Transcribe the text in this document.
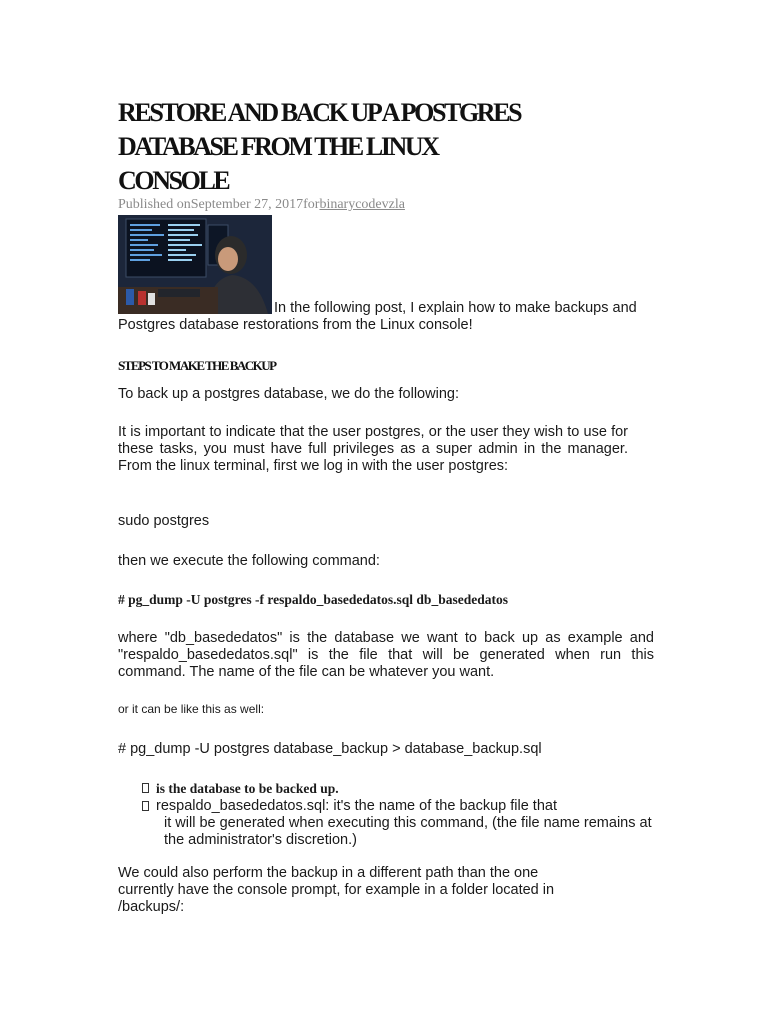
RESTORE AND BACK UP A POSTGRES DATABASE FROM THE LINUX CONSOLE
Published onSeptember 27, 2017forbinarycodevzla

In the following post, I explain how to make backups and Postgres database restorations from the Linux console!

STEPS TO MAKE THE BACKUP

To back up a postgres database, we do the following:

It is important to indicate that the user postgres, or the user they wish to use for these tasks, you must have full privileges as a super admin in the manager. From the linux terminal, first we log in with the user postgres:

sudo postgres

then we execute the following command:

# pg_dump -U postgres -f respaldo_basededatos.sql db_basededatos

where "db_basededatos" is the database we want to back up as example and "respaldo_basededatos.sql" is the file that will be generated when run this command. The name of the file can be whatever you want.

or it can be like this as well:

# pg_dump -U postgres database_backup > database_backup.sql

is the database to be backed up.
respaldo_basededatos.sql: it's the name of the backup file that
it will be generated when executing this command, (the file name remains at the administrator's discretion.)

We could also perform the backup in a different path than the one currently have the console prompt, for example in a folder located in /backups/:
